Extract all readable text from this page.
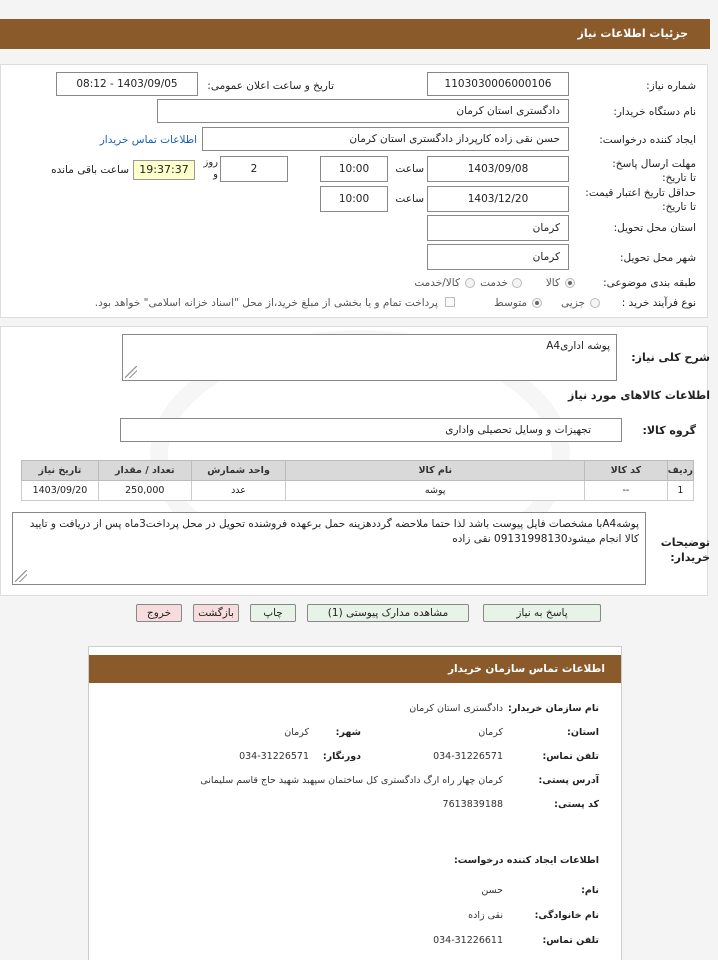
جزئیات اطلاعات نیاز
شماره نیاز:
1103030006000106
تاریخ و ساعت اعلان عمومی:
1403/09/05 - 08:12
نام دستگاه خریدار:
دادگستری استان کرمان
ایجاد کننده درخواست:
حسن نقی زاده کارپرداز دادگستری استان کرمان
اطلاعات تماس خریدار
مهلت ارسال پاسخ: تا تاریخ:
1403/09/08
ساعت
10:00
2
روز و
19:37:37
ساعت باقی مانده
حداقل تاریخ اعتبار قیمت: تا تاریخ:
1403/12/20
ساعت
10:00
استان محل تحویل:
کرمان
شهر محل تحویل:
کرمان
طبقه بندی موضوعی:
کالا
خدمت
کالا/خدمت
نوع فرآیند خرید :
جزیی
متوسط
پرداخت تمام و یا بخشی از مبلغ خرید،از محل "اسناد خزانه اسلامی" خواهد بود.
شرح کلی نیاز:
پوشه اداریA4
اطلاعات کالاهای مورد نیاز
گروه کالا:
تجهیزات و وسایل تحصیلی واداری
ردیف	کد کالا	نام کالا	واحد شمارش	تعداد / مقدار	تاریخ نیاز
1	--	پوشه	عدد	250,000	1403/09/20
توضیحات خریدار:
پوشهA4با مشخصات فایل پیوست باشد لذا حتما ملاحضه گرددهزینه حمل برعهده فروشنده تحویل در محل پرداخت3ماه پس از دریافت و تایید کالا انجام میشود09131998130 نقی زاده
پاسخ به نیاز
مشاهده مدارک پیوستی (1)
چاپ
بازگشت
خروج
اطلاعات تماس سازمان خریدار
نام سازمان خریدار:
دادگستری استان کرمان
استان:
کرمان
شهر:
کرمان
تلفن تماس:
034-31226571
دورنگار:
034-31226571
آدرس پستی:
کرمان چهار راه ارگ دادگستری کل ساختمان سپهبد شهید حاج قاسم سلیمانی
کد پستی:
7613839188
اطلاعات ایجاد کننده درخواست:
نام:
حسن
نام خانوادگی:
نقی زاده
تلفن تماس:
034-31226611
